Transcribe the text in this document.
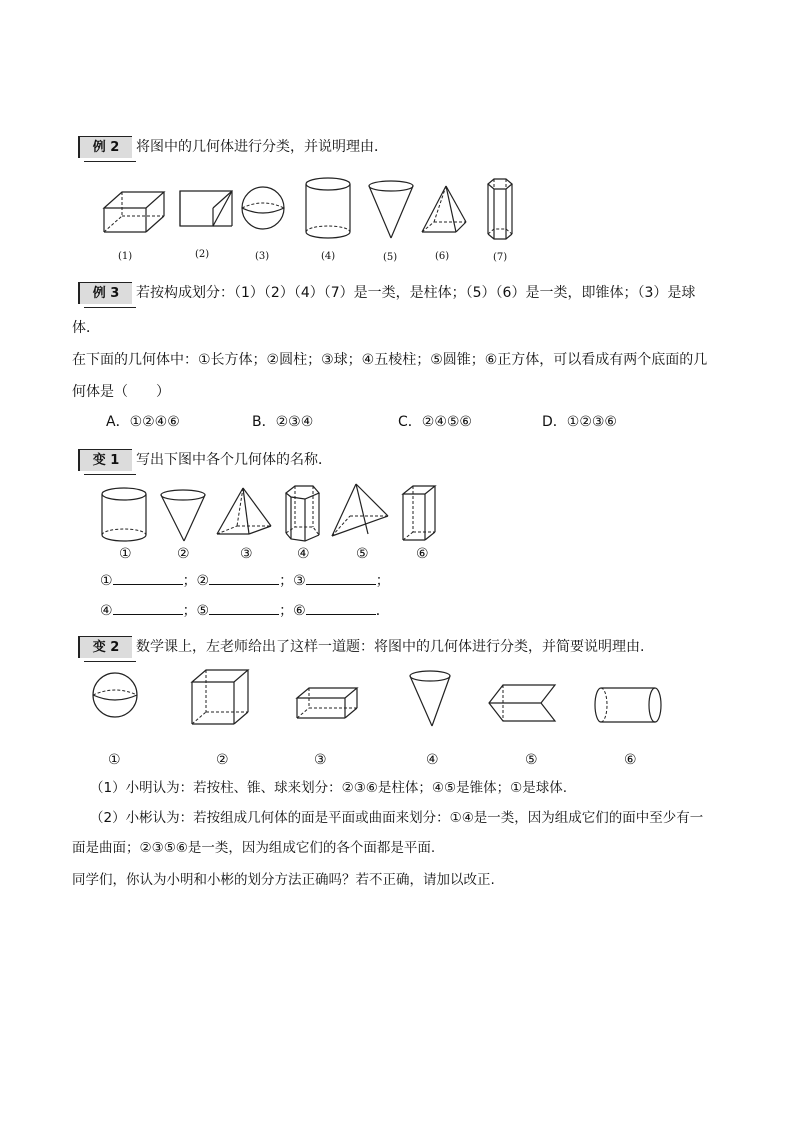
例 2	将图中的几何体进行分类，并说明理由．
(1)	(2)	(3)	(4)	(5)	(6)	(7)
例 3	若按构成划分：（1）（2）（4）（7）是一类，是柱体；（5）（6）是一类，即锥体；（3）是球
体．
在下面的几何体中：①长方体；②圆柱；③球；④五棱柱；⑤圆锥；⑥正方体，可以看成有两个底面的几
何体是（　　）
A．①②④⑥	B．②③④	C．②④⑤⑥	D．①②③⑥
变 1	写出下图中各个几何体的名称．
①	②	③	④	⑤	⑥
①	；②	；③	；
④	；⑤	；⑥	．
变 2	数学课上，左老师给出了这样一道题：将图中的几何体进行分类，并简要说明理由.
①	②	③	④	⑤	⑥
（1）小明认为：若按柱、锥、球来划分：②③⑥是柱体；④⑤是锥体；①是球体.
（2）小彬认为：若按组成几何体的面是平面或曲面来划分：①④是一类，因为组成它们的面中至少有一
面是曲面；②③⑤⑥是一类，因为组成它们的各个面都是平面.
同学们，你认为小明和小彬的划分方法正确吗？若不正确，请加以改正.
